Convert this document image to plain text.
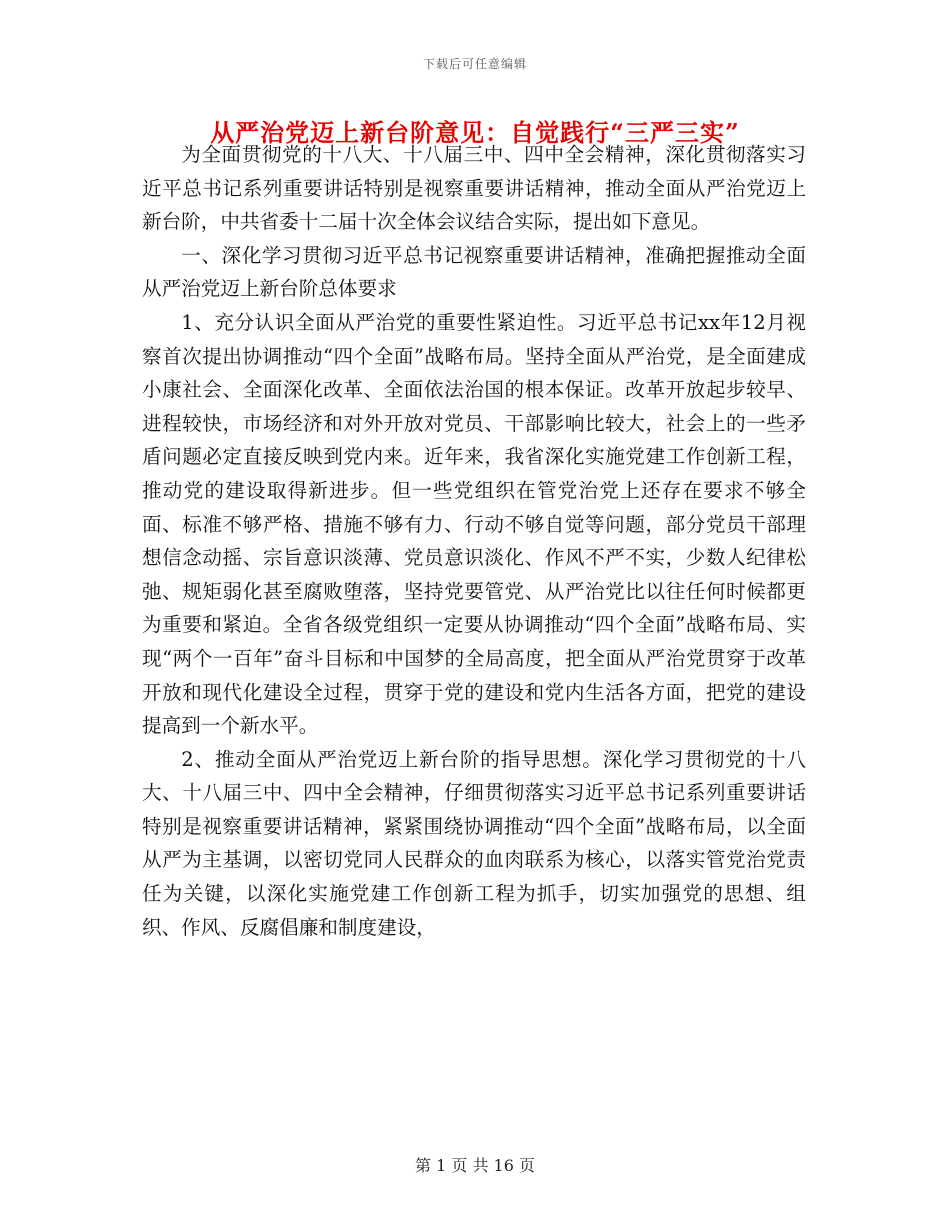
下载后可任意编辑
从严治党迈上新台阶意见：自觉践行“三严三实”

为全面贯彻党的十八大、十八届三中、四中全会精神，深化贯彻落实习近平总书记系列重要讲话特别是视察重要讲话精神，推动全面从严治党迈上新台阶，中共省委十二届十次全体会议结合实际，提出如下意见。

一、深化学习贯彻习近平总书记视察重要讲话精神，准确把握推动全面从严治党迈上新台阶总体要求

1、充分认识全面从严治党的重要性紧迫性。习近平总书记xx年12月视察首次提出协调推动“四个全面”战略布局。坚持全面从严治党，是全面建成小康社会、全面深化改革、全面依法治国的根本保证。改革开放起步较早、进程较快，市场经济和对外开放对党员、干部影响比较大，社会上的一些矛盾问题必定直接反映到党内来。近年来，我省深化实施党建工作创新工程，推动党的建设取得新进步。但一些党组织在管党治党上还存在要求不够全面、标准不够严格、措施不够有力、行动不够自觉等问题，部分党员干部理想信念动摇、宗旨意识淡薄、党员意识淡化、作风不严不实，少数人纪律松弛、规矩弱化甚至腐败堕落，坚持党要管党、从严治党比以往任何时候都更为重要和紧迫。全省各级党组织一定要从协调推动“四个全面”战略布局、实现“两个一百年”奋斗目标和中国梦的全局高度，把全面从严治党贯穿于改革开放和现代化建设全过程，贯穿于党的建设和党内生活各方面，把党的建设提高到一个新水平。

2、推动全面从严治党迈上新台阶的指导思想。深化学习贯彻党的十八大、十八届三中、四中全会精神，仔细贯彻落实习近平总书记系列重要讲话特别是视察重要讲话精神，紧紧围绕协调推动“四个全面”战略布局，以全面从严为主基调，以密切党同人民群众的血肉联系为核心，以落实管党治党责任为关键，以深化实施党建工作创新工程为抓手，切实加强党的思想、组织、作风、反腐倡廉和制度建设，

第 1 页 共 16 页
